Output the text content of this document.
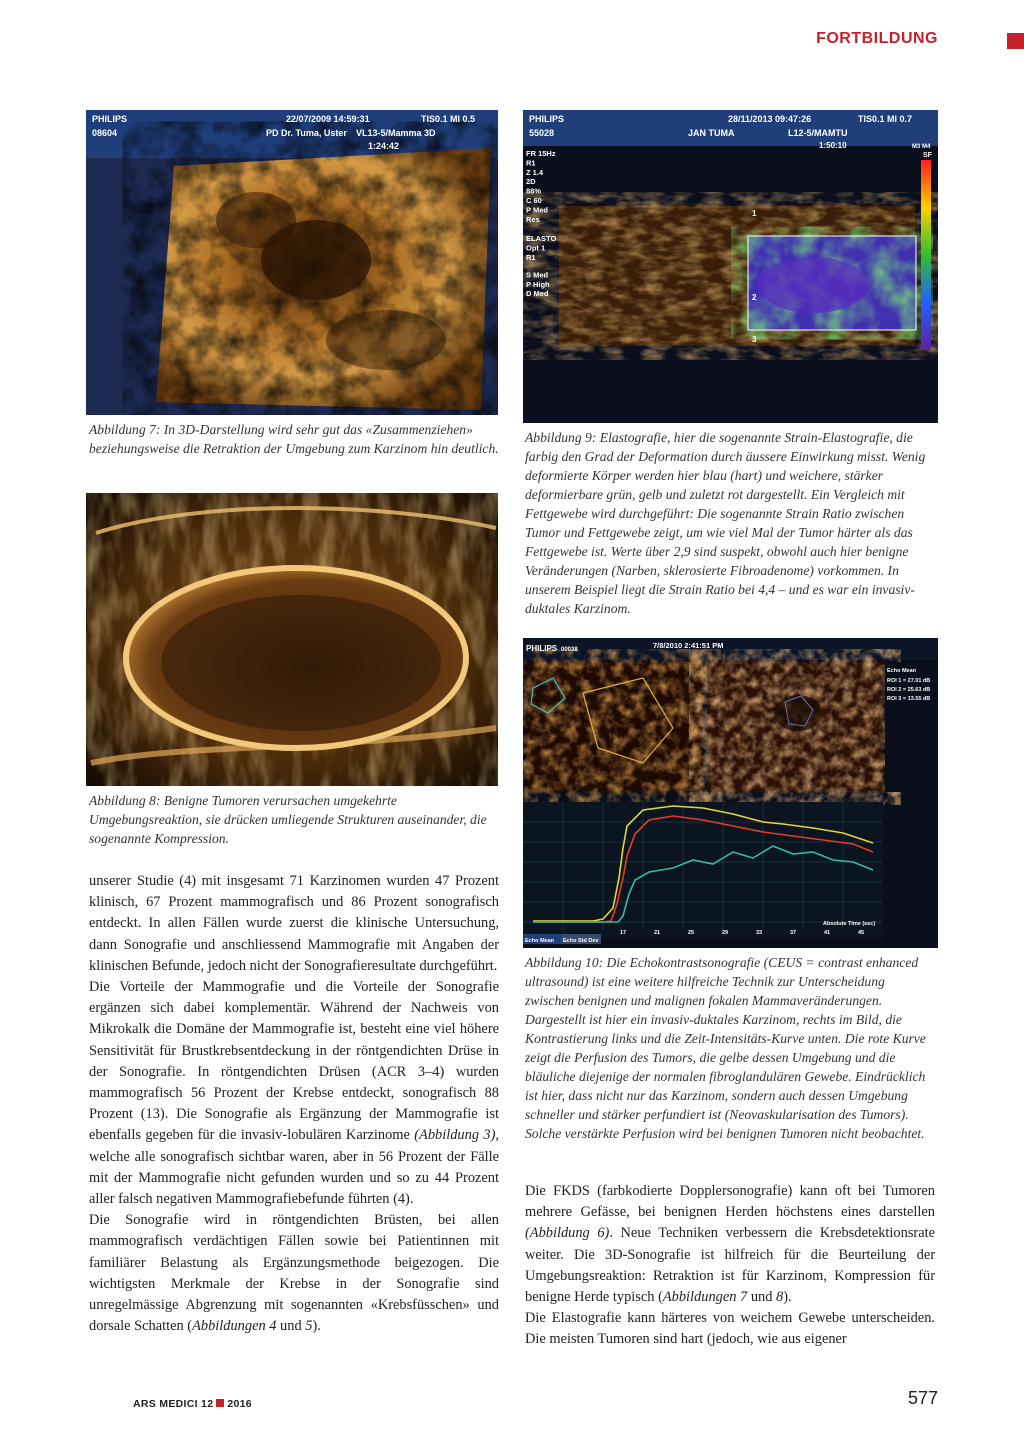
FORTBILDUNG
PHILIPS
08604
22/07/2009 14:59:31	TIS0.1 MI 0.5
PD Dr. Tuma, Uster VL13-5/Mamma 3D
1:24:42

Abbildung 7: In 3D-Darstellung wird sehr gut das «Zusammenziehen» beziehungsweise die Retraktion der Umgebung zum Karzinom hin deutlich.

Abbildung 8: Benigne Tumoren verursachen umgekehrte Umgebungsreaktion, sie drücken umliegende Strukturen auseinander, die sogenannte Kompression.

PHILIPS
55028
28/11/2013 09:47:26	TIS0.1 MI 0.7
JAN TUMA	L12-5/MAMTU
1:50:10	M3 M4
SF
1
2
3
FR 15Hz
R1
Z 1.4
2D
88%
C 60
P Med
Res
ELASTO
Opt 1
R1
S Med
P High
D Med

Abbildung 9: Elastografie, hier die sogenannte Strain-Elastografie, die farbig den Grad der Deformation durch äussere Einwirkung misst. Wenig deformierte Körper werden hier blau (hart) und weichere, stärker deformierbare grün, gelb und zuletzt rot dargestellt. Ein Vergleich mit Fettgewebe wird durchgeführt: Die sogenannte Strain Ratio zwischen Tumor und Fettgewebe zeigt, um wie viel Mal der Tumor härter als das Fettgewebe ist. Werte über 2,9 sind suspekt, obwohl auch hier benigne Veränderungen (Narben, sklerosierte Fibroadenome) vorkommen. In unserem Beispiel liegt die Strain Ratio bei 4,4 – und es war ein invasiv-duktales Karzinom.

PHILIPS 00038	7/8/2010 2:41:51 PM
Echo Mean
ROI 1 = 27.01 dB
ROI 2 = 25.63 dB
ROI 3 = 13.55 dB
Absolute Time (sec)
17	21	25	29	33	37	41	45
Echo Mean Echo Std Dev

Abbildung 10: Die Echokontrastsonografie (CEUS = contrast enhanced ultrasound) ist eine weitere hilfreiche Technik zur Unterscheidung zwischen benignen und malignen fokalen Mammaveränderungen. Dargestellt ist hier ein invasiv-duktales Karzinom, rechts im Bild, die Kontrastierung links und die Zeit-Intensitäts-Kurve unten. Die rote Kurve zeigt die Perfusion des Tumors, die gelbe dessen Umgebung und die bläuliche diejenige der normalen fibroglandulären Gewebe. Eindrücklich ist hier, dass nicht nur das Karzinom, sondern auch dessen Umgebung schneller und stärker perfundiert ist (Neovaskularisation des Tumors). Solche verstärkte Perfusion wird bei benignen Tumoren nicht beobachtet.

unserer Studie (4) mit insgesamt 71 Karzinomen wurden 47 Prozent klinisch, 67 Prozent mammografisch und 86 Prozent sonografisch entdeckt. In allen Fällen wurde zuerst die klinische Untersuchung, dann Sonografie und anschliessend Mammografie mit Angaben der klinischen Befunde, jedoch nicht der Sonografieresultate durchgeführt.

Die Vorteile der Mammografie und die Vorteile der Sonografie ergänzen sich dabei komplementär. Während der Nachweis von Mikrokalk die Domäne der Mammografie ist, besteht eine viel höhere Sensitivität für Brustkrebsentdeckung in der röntgendichten Drüse in der Sonografie. In röntgendichten Drüsen (ACR 3–4) wurden mammografisch 56 Prozent der Krebse entdeckt, sonografisch 88 Prozent (13). Die Sonografie als Ergänzung der Mammografie ist ebenfalls gegeben für die invasiv-lobulären Karzinome (Abbildung 3), welche alle sonografisch sichtbar waren, aber in 56 Prozent der Fälle mit der Mammografie nicht gefunden wurden und so zu 44 Prozent aller falsch negativen Mammografiebefunde führten (4).

Die Sonografie wird in röntgendichten Brüsten, bei allen mammografisch verdächtigen Fällen sowie bei Patientinnen mit familiärer Belastung als Ergänzungsmethode beigezogen. Die wichtigsten Merkmale der Krebse in der Sonografie sind unregelmässige Abgrenzung mit sogenannten «Krebsfüsschen» und dorsale Schatten (Abbildungen 4 und 5).

Die FKDS (farbkodierte Dopplersonografie) kann oft bei Tumoren mehrere Gefässe, bei benignen Herden höchstens eines darstellen (Abbildung 6). Neue Techniken verbessern die Krebsdetektionsrate weiter. Die 3D-Sonografie ist hilfreich für die Beurteilung der Umgebungsreaktion: Retraktion ist für Karzinom, Kompression für benigne Herde typisch (Abbildungen 7 und 8).

Die Elastografie kann härteres von weichem Gewebe unterscheiden. Die meisten Tumoren sind hart (jedoch, wie aus eigener

ARS MEDICI 12 2016	577
